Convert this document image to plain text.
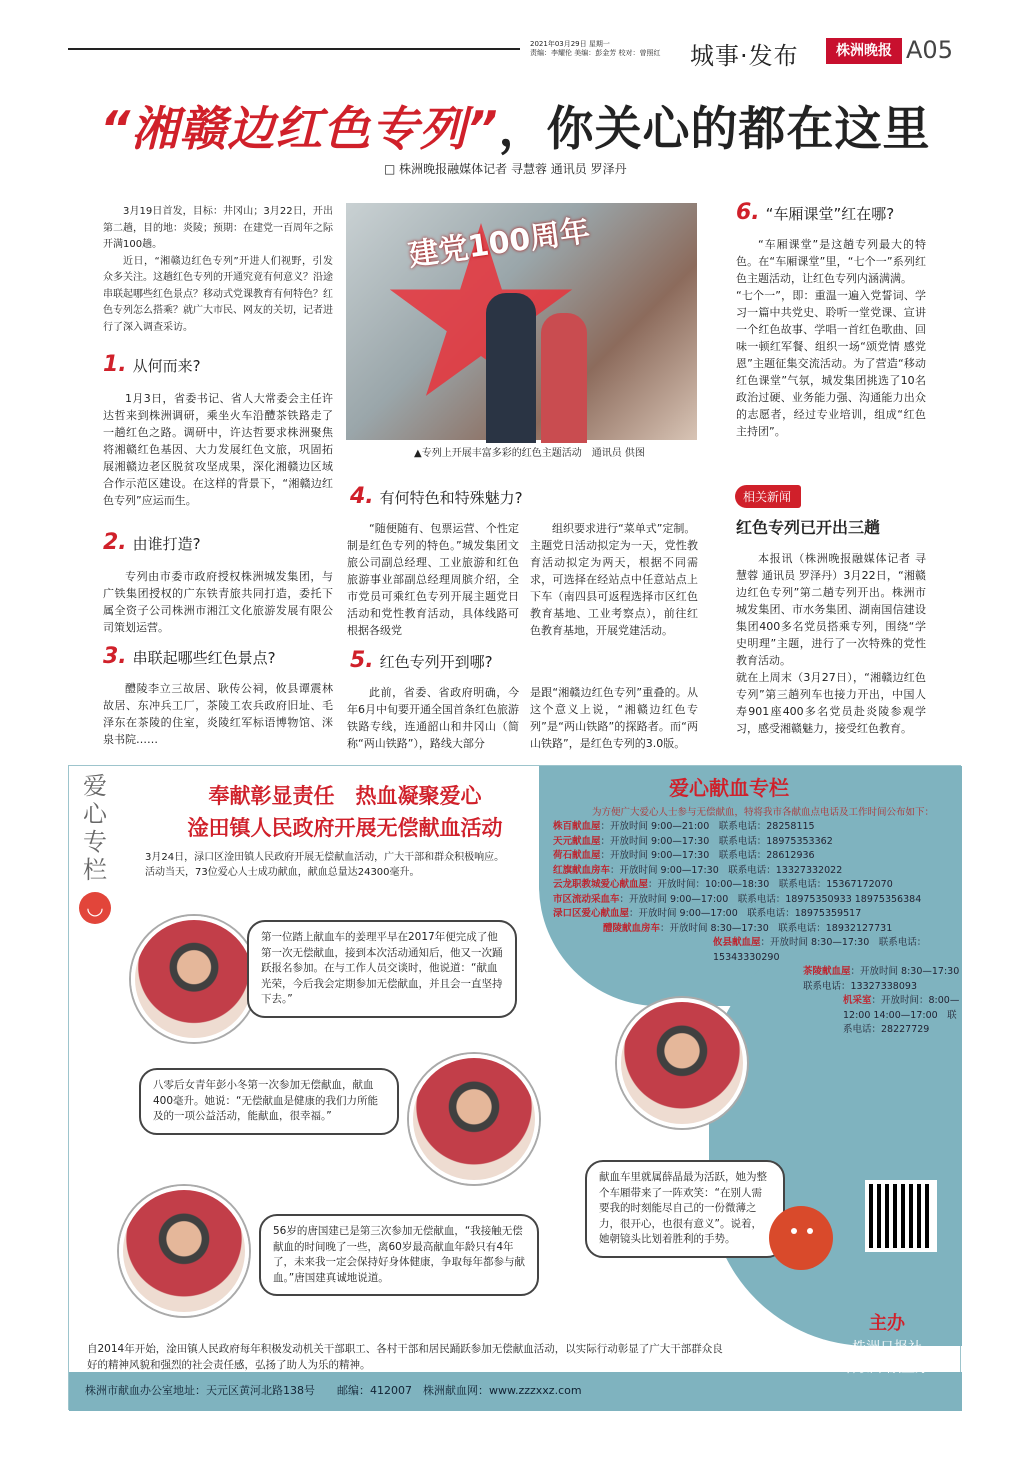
2021年03月29日 星期一
责编：李耀伦 美编：彭金芳 校对：曾照红	城事·发布	株洲晚报 A05
“湘赣边红色专列”，你关心的都在这里
□ 株洲晚报融媒体记者 寻慧蓉 通讯员 罗泽丹

3月19日首发，目标：井冈山；3月22日，开出第二趟，目的地：炎陵；预期：在建党一百周年之际开满100趟。

近日，“湘赣边红色专列”开进人们视野，引发众多关注。这趟红色专列的开通究竟有何意义？沿途串联起哪些红色景点？移动式党课教育有何特色？红色专列怎么搭乘？就广大市民、网友的关切，记者进行了深入调查采访。

1. 从何而来?

1月3日，省委书记、省人大常委会主任许达哲来到株洲调研，乘坐火车沿醴茶铁路走了一趟红色之路。调研中，许达哲要求株洲聚焦将湘赣红色基因、大力发展红色文旅，巩固拓展湘赣边老区脱贫攻坚成果，深化湘赣边区域合作示范区建设。在这样的背景下，“湘赣边红色专列”应运而生。

2. 由谁打造?

专列由市委市政府授权株洲城发集团，与广铁集团授权的广东铁青旅共同打造，委托下属全资子公司株洲市湘江文化旅游发展有限公司策划运营。

3. 串联起哪些红色景点?

醴陵李立三故居、耿传公祠，攸县谭震林故居、东冲兵工厂，茶陵工农兵政府旧址、毛泽东在茶陵的住室，炎陵红军标语博物馆、洣泉书院……

建党100周年
▲专列上开展丰富多彩的红色主题活动　通讯员 供图
4. 有何特色和特殊魅力?

“随便随有、包票运营、个性定制是红色专列的特色。”城发集团文旅公司副总经理、工业旅游和红色旅游事业部副总经理周膑介绍，全市党员可乘红色专列开展主题党日活动和党性教育活动，具体线路可根据各级党

组织要求进行“菜单式”定制。
主题党日活动拟定为一天，党性教育活动拟定为两天，根据不同需求，可选择在经站点中任意站点上下车（南四县可返程选择市区红色教育基地、工业考察点），前往红色教育基地，开展党建活动。

5. 红色专列开到哪?

此前，省委、省政府明确，今年6月中旬要开通全国首条红色旅游铁路专线，连通韶山和井冈山（简称“两山铁路”），路线大部分

是跟“湘赣边红色专列”重叠的。从这个意义上说，“湘赣边红色专列”是“两山铁路”的探路者。而“两山铁路”，是红色专列的3.0版。

6. “车厢课堂”红在哪?

“车厢课堂”是这趟专列最大的特色。在“车厢课堂”里，“七个一”系列红色主题活动，让红色专列内涵满满。
“七个一”，即：重温一遍入党誓词、学习一篇中共党史、聆听一堂党课、宣讲一个红色故事、学唱一首红色歌曲、回味一顿红军餐、组织一场“颂党情 感党恩”主题征集交流活动。为了营造“移动红色课堂”气氛，城发集团挑选了10名政治过硬、业务能力强、沟通能力出众的志愿者，经过专业培训，组成“红色主持团”。

相关新闻
红色专列已开出三趟

本报讯（株洲晚报融媒体记者 寻慧蓉 通讯员 罗泽丹）3月22日，“湘赣边红色专列”第二趟专列开出。株洲市城发集团、市水务集团、湖南国信建设集团400多名党员搭乘专列，围绕“学史明理”主题，进行了一次特殊的党性教育活动。
就在上周末（3月27日），“湘赣边红色专列”第三趟列车也接力开出，中国人寿901座400多名党员赴炎陵参观学习，感受湘赣魅力，接受红色教育。

爱心专栏
◡
奉献彰显责任　热血凝聚爱心
淦田镇人民政府开展无偿献血活动
3月24日，渌口区淦田镇人民政府开展无偿献血活动，广大干部和群众积极响应。活动当天，73位爱心人士成功献血，献血总量达24300毫升。
爱心献血专栏
为方便广大爱心人士参与无偿献血，特将我市各献血点电话及工作时间公布如下：
株百献血屋：开放时间 9:00—21:00　联系电话：28258115
天元献血屋：开放时间 9:00—17:30　联系电话：18975353362
荷石献血屋：开放时间 9:00—17:30　联系电话：28612936
红旗献血房车：开放时间 9:00—17:30　联系电话：13327332022
云龙职教城爱心献血屋：开放时间：10:00—18:30　联系电话：15367172070
市区流动采血车：开放时间 9:00—17:00　联系电话：18975350933 18975356384
渌口区爱心献血屋：开放时间 9:00—17:00　联系电话：18975359517
醴陵献血房车：开放时间 8:30—17:30　联系电话：18932127731
攸县献血屋：开放时间 8:30—17:30　联系电话：15343330290
茶陵献血屋：开放时间 8:30—17:30　联系电话：13327338093
机采室：开放时间：8:00—12:00 14:00—17:00　联系电话：28227729
第一位踏上献血车的姜理平早在2017年便完成了他第一次无偿献血，接到本次活动通知后，他又一次踊跃报名参加。在与工作人员交谈时，他说道：“献血光荣，今后我会定期参加无偿献血，并且会一直坚持下去。”
八零后女青年彭小冬第一次参加无偿献血，献血400毫升。她说：“无偿献血是健康的我们力所能及的一项公益活动，能献血，很幸福。”
56岁的唐国建已是第三次参加无偿献血，“我接触无偿献血的时间晚了一些，离60岁最高献血年龄只有4年了，未来我一定会保持好身体健康，争取每年都参与献血。”唐国建真诚地说道。
献血车里就属薛晶最为活跃，她为整个车厢带来了一阵欢笑：“在别人需要我的时刻能尽自己的一份微薄之力，很开心，也很有意义”。说着，她朝镜头比划着胜利的手势。
主办
株洲日报社
株洲市献血办
自2014年开始，淦田镇人民政府每年积极发动机关干部职工、各村干部和居民踊跃参加无偿献血活动，以实际行动彰显了广大干部群众良好的精神风貌和强烈的社会责任感，弘扬了助人为乐的精神。
株洲市献血办公室地址：天元区黄河北路138号　　邮编：412007　株洲献血网：www.zzzxxz.com
